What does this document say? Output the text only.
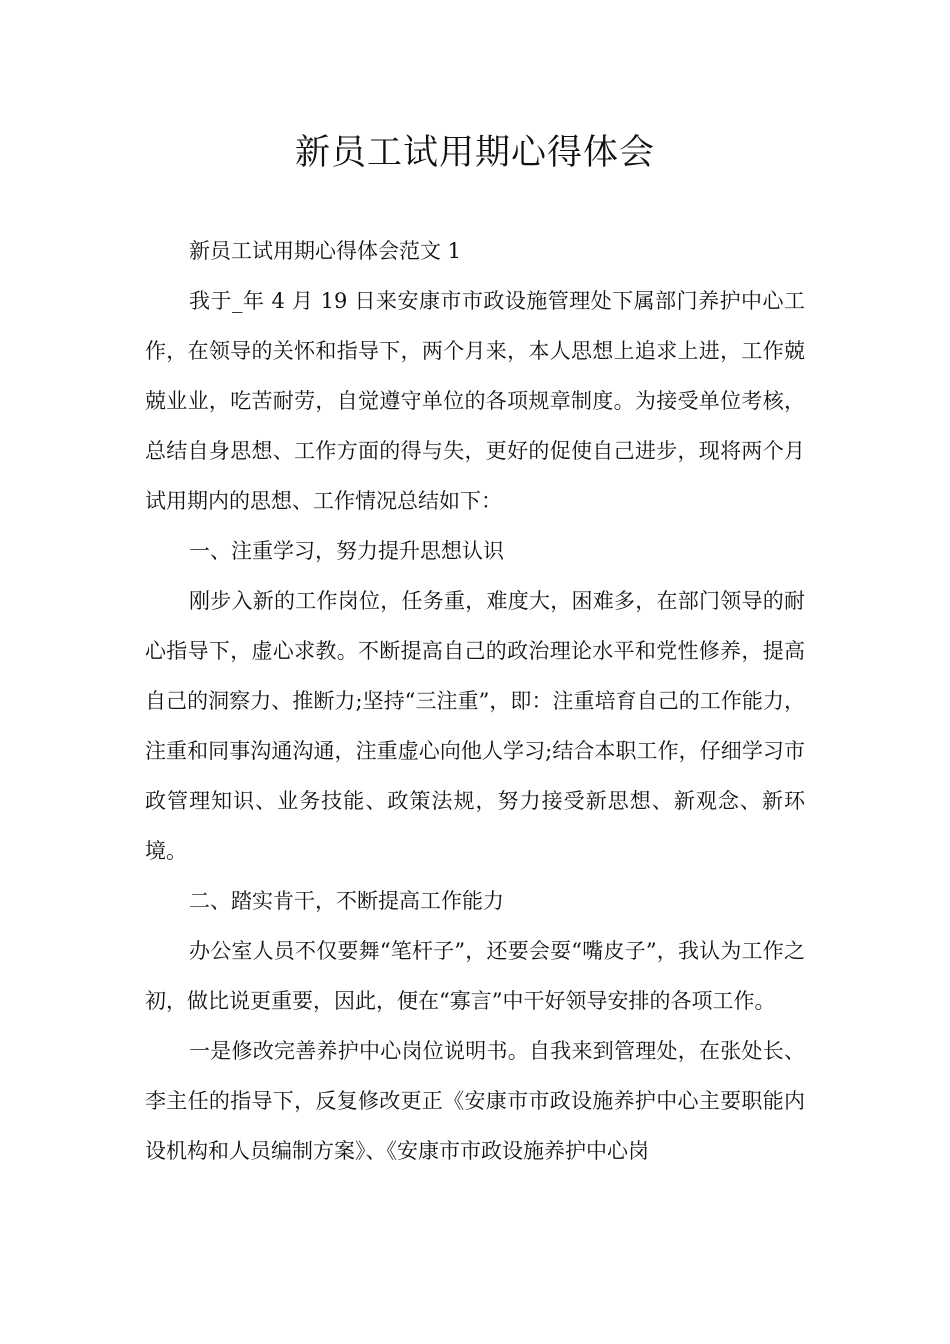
新员工试用期心得体会

新员工试用期心得体会范文 1

我于_年 4 月 19 日来安康市市政设施管理处下属部门养护中心工作，在领导的关怀和指导下，两个月来，本人思想上追求上进，工作兢兢业业，吃苦耐劳，自觉遵守单位的各项规章制度。为接受单位考核，总结自身思想、工作方面的得与失，更好的促使自己进步，现将两个月试用期内的思想、工作情况总结如下：

一、注重学习，努力提升思想认识

刚步入新的工作岗位，任务重，难度大，困难多，在部门领导的耐心指导下，虚心求教。不断提高自己的政治理论水平和党性修养，提高自己的洞察力、推断力;坚持“三注重”，即：注重培育自己的工作能力，注重和同事沟通沟通，注重虚心向他人学习;结合本职工作，仔细学习市政管理知识、业务技能、政策法规，努力接受新思想、新观念、新环境。

二、踏实肯干，不断提高工作能力

办公室人员不仅要舞“笔杆子”，还要会耍“嘴皮子”，我认为工作之初，做比说更重要，因此，便在“寡言”中干好领导安排的各项工作。

一是修改完善养护中心岗位说明书。自我来到管理处，在张处长、李主任的指导下，反复修改更正《安康市市政设施养护中心主要职能内设机构和人员编制方案》、《安康市市政设施养护中心岗
